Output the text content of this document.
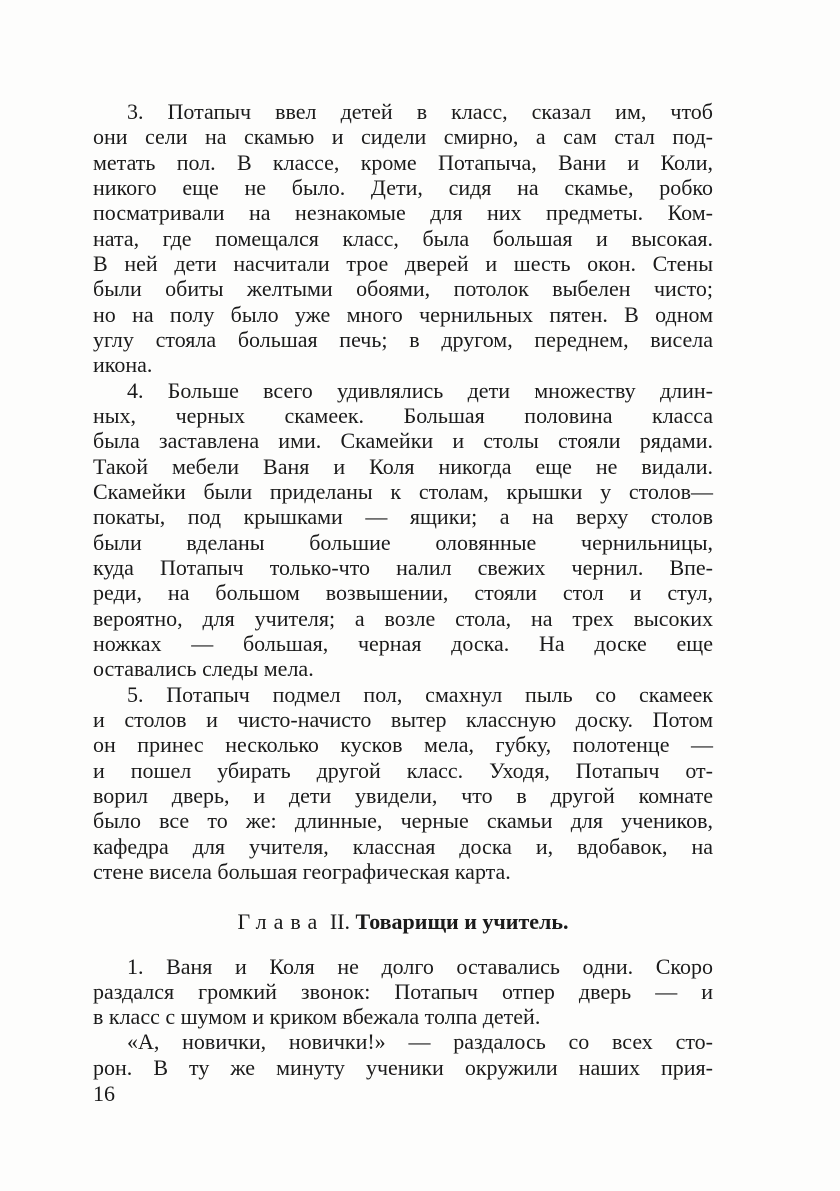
3. Потапыч ввел детей в класс, сказал им, чтоб
они сели на скамью и сидели смирно, а сам стал под-
метать пол. В классе, кроме Потапыча, Вани и Коли,
никого еще не было. Дети, сидя на скамье, робко
посматривали на незнакомые для них предметы. Ком-
ната, где помещался класс, была большая и высокая.
В ней дети насчитали трое дверей и шесть окон. Стены
были обиты желтыми обоями, потолок выбелен чисто;
но на полу было уже много чернильных пятен. В одном
углу стояла большая печь; в другом, переднем, висела
икона.
4. Больше всего удивлялись дети множеству длин-
ных, черных скамеек. Большая половина класса
была заставлена ими. Скамейки и столы стояли рядами.
Такой мебели Ваня и Коля никогда еще не видали.
Скамейки были приделаны к столам, крышки у столов—
покаты, под крышками — ящики; а на верху столов
были вделаны большие оловянные чернильницы,
куда Потапыч только-что налил свежих чернил. Впе-
реди, на большом возвышении, стояли стол и стул,
вероятно, для учителя; а возле стола, на трех высоких
ножках — большая, черная доска. На доске еще
оставались следы мела.
5. Потапыч подмел пол, смахнул пыль со скамеек
и столов и чисто-начисто вытер классную доску. Потом
он принес несколько кусков мела, губку, полотенце —
и пошел убирать другой класс. Уходя, Потапыч от-
ворил дверь, и дети увидели, что в другой комнате
было все то же: длинные, черные скамьи для учеников,
кафедра для учителя, классная доска и, вдобавок, на
стене висела большая географическая карта.
Глава II. Товарищи и учитель.
1. Ваня и Коля не долго оставались одни. Скоро
раздался громкий звонок: Потапыч отпер дверь — и
в класс с шумом и криком вбежала толпа детей.
«А, новички, новички!» — раздалось со всех сто-
рон. В ту же минуту ученики окружили наших прия-
16
